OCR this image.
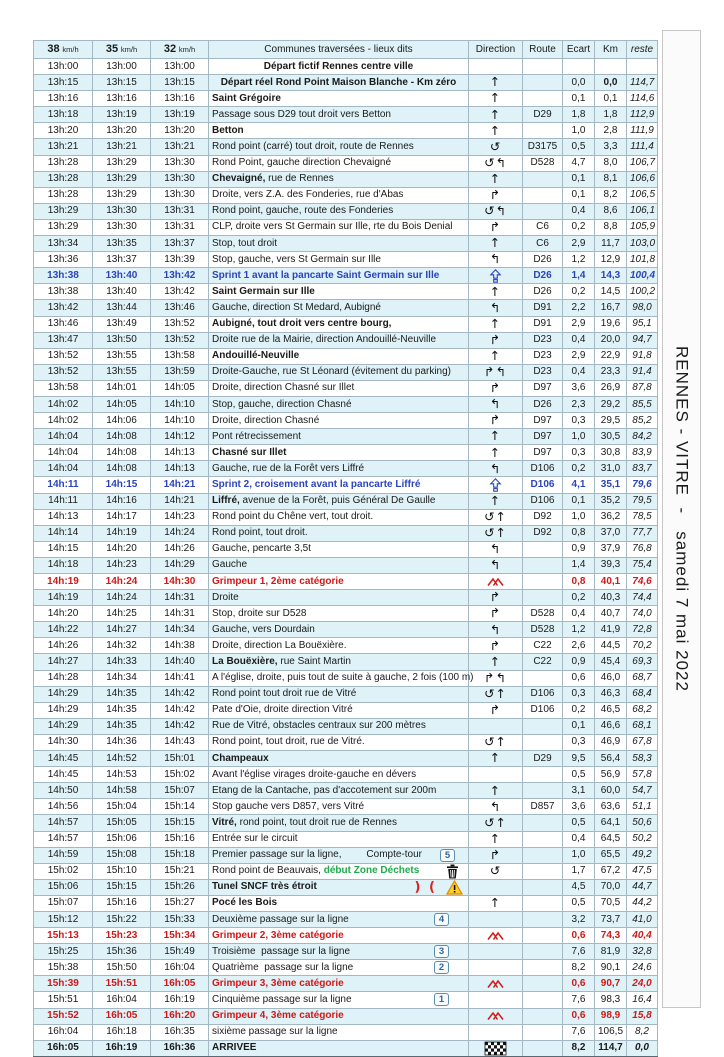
38 km/h	35 km/h	32 km/h	Communes traversées - lieux dits	Direction	Route	Ecart	Km	reste
13h:00	13h:00	13h:00	Départ fictif Rennes centre ville					

13h:15	13h:15	13h:15	Départ réel Rond Point Maison Blanche - Km zéro	↑		0,0	0,0	114,7
13h:16	13h:16	13h:16	Saint Grégoire	↑		0,1	0,1	114,6
13h:18	13h:19	13h:19	Passage sous D29 tout droit vers Betton	↑	D29	1,8	1,8	112,9
13h:20	13h:20	13h:20	Betton	↑		1,0	2,8	111,9
13h:21	13h:21	13h:21	Rond point (carré) tout droit, route de Rennes	↺	D3175	0,5	3,3	111,4
13h:28	13h:29	13h:30	Rond Point, gauche direction Chevaigné	↺↰	D528	4,7	8,0	106,7
13h:28	13h:29	13h:30	Chevaigné, rue de Rennes	↑		0,1	8,1	106,6
13h:28	13h:29	13h:30	Droite, vers Z.A. des Fonderies, rue d'Abas	↱		0,1	8,2	106,5
13h:29	13h:30	13h:31	Rond point, gauche, route des Fonderies	↺↰		0,4	8,6	106,1
13h:29	13h:30	13h:31	CLP, droite vers St Germain sur Ille, rte du Bois Denial	↱	C6	0,2	8,8	105,9
13h:34	13h:35	13h:37	Stop, tout droit	↑	C6	2,9	11,7	103,0
13h:36	13h:37	13h:39	Stop, gauche, vers St Germain sur Ille	↰	D26	1,2	12,9	101,8
13h:38	13h:40	13h:42	Sprint 1 avant la pancarte Saint Germain sur Ille		D26	1,4	14,3	100,4
13h:38	13h:40	13h:42	Saint Germain sur Ille	↑	D26	0,2	14,5	100,2
13h:42	13h:44	13h:46	Gauche, direction St Medard, Aubigné	↰	D91	2,2	16,7	98,0
13h:46	13h:49	13h:52	Aubigné, tout droit vers centre bourg,	↑	D91	2,9	19,6	95,1
13h:47	13h:50	13h:52	Droite rue de la Mairie, direction Andouillé-Neuville	↱	D23	0,4	20,0	94,7
13h:52	13h:55	13h:58	Andouillé-Neuville	↑	D23	2,9	22,9	91,8
13h:52	13h:55	13h:59	Droite-Gauche, rue St Léonard (évitement du parking)	↱↰	D23	0,4	23,3	91,4
13h:58	14h:01	14h:05	Droite, direction Chasné sur Illet	↱	D97	3,6	26,9	87,8
14h:02	14h:05	14h:10	Stop, gauche, direction Chasné	↰	D26	2,3	29,2	85,5
14h:02	14h:06	14h:10	Droite, direction Chasné	↱	D97	0,3	29,5	85,2
14h:04	14h:08	14h:12	Pont rétrecissement	↑	D97	1,0	30,5	84,2
14h:04	14h:08	14h:13	Chasné sur Illet	↑	D97	0,3	30,8	83,9
14h:04	14h:08	14h:13	Gauche, rue de la Forêt vers Liffré	↰	D106	0,2	31,0	83,7
14h:11	14h:15	14h:21	Sprint 2, croisement avant la pancarte Liffré		D106	4,1	35,1	79,6
14h:11	14h:16	14h:21	Liffré, avenue de la Forêt, puis Général De Gaulle	↑	D106	0,1	35,2	79,5
14h:13	14h:17	14h:23	Rond point du Chêne vert, tout droit.	↺↑	D92	1,0	36,2	78,5
14h:14	14h:19	14h:24	Rond point, tout droit.	↺↑	D92	0,8	37,0	77,7
14h:15	14h:20	14h:26	Gauche, pencarte 3,5t	↰		0,9	37,9	76,8
14h:18	14h:23	14h:29	Gauche	↰		1,4	39,3	75,4
14h:19	14h:24	14h:30	Grimpeur 1, 2ème catégorie			0,8	40,1	74,6
14h:19	14h:24	14h:31	Droite	↱		0,2	40,3	74,4
14h:20	14h:25	14h:31	Stop, droite sur D528	↱	D528	0,4	40,7	74,0
14h:22	14h:27	14h:34	Gauche, vers Dourdain	↰	D528	1,2	41,9	72,8
14h:26	14h:32	14h:38	Droite, direction La Bouëxière.	↱	C22	2,6	44,5	70,2
14h:27	14h:33	14h:40	La Bouëxière, rue Saint Martin	↑	C22	0,9	45,4	69,3
14h:28	14h:34	14h:41	A l'église, droite, puis tout de suite à gauche, 2 fois (100 m)	↱↰		0,6	46,0	68,7
14h:29	14h:35	14h:42	Rond point tout droit rue de Vitré	↺↑	D106	0,3	46,3	68,4
14h:29	14h:35	14h:42	Pate d'Oie, droite direction Vitré	↱	D106	0,2	46,5	68,2
14h:29	14h:35	14h:42	Rue de Vitré, obstacles centraux sur 200 mètres			0,1	46,6	68,1
14h:30	14h:36	14h:43	Rond point, tout droit, rue de Vitré.	↺↑		0,3	46,9	67,8
14h:45	14h:52	15h:01	Champeaux	↑	D29	9,5	56,4	58,3
14h:45	14h:53	15h:02	Avant l'église virages droite-gauche en dévers			0,5	56,9	57,8
14h:50	14h:58	15h:07	Etang de la Cantache, pas d'accotement sur 200m	↑		3,1	60,0	54,7
14h:56	15h:04	15h:14	Stop gauche vers D857, vers Vitré	↰	D857	3,6	63,6	51,1
14h:57	15h:05	15h:15	Vitré, rond point, tout droit rue de Rennes	↺↑		0,5	64,1	50,6
14h:57	15h:06	15h:16	Entrée sur le circuit	↑		0,4	64,5	50,2
14h:59	15h:08	15h:18	Premier passage sur la ligne, Compte-tour 5	↱		1,0	65,5	49,2
15h:02	15h:10	15h:21	Rond point de Beauvais, début Zone Déchets	↺		1,7	67,2	47,5
15h:06	15h:15	15h:26	Tunel SNCF très étroit ) (			4,5	70,0	44,7
15h:07	15h:16	15h:27	Pocé les Bois	↑		0,5	70,5	44,2
15h:12	15h:22	15h:33	Deuxième passage sur la ligne 4			3,2	73,7	41,0
15h:13	15h:23	15h:34	Grimpeur 2, 3ème catégorie			0,6	74,3	40,4
15h:25	15h:36	15h:49	Troisième  passage sur la ligne 3			7,6	81,9	32,8
15h:38	15h:50	16h:04	Quatrième  passage sur la ligne 2			8,2	90,1	24,6
15h:39	15h:51	16h:05	Grimpeur 3, 3ème catégorie			0,6	90,7	24,0
15h:51	16h:04	16h:19	Cinquième passage sur la ligne 1			7,6	98,3	16,4
15h:52	16h:05	16h:20	Grimpeur 4, 3ème catégorie			0,6	98,9	15,8
16h:04	16h:18	16h:35	sixième passage sur la ligne			7,6	106,5	8,2
16h:05	16h:19	16h:36	ARRIVEE			8,2	114,7	0,0
RENNES - VITRE  -   samedi 7 mai 2022
